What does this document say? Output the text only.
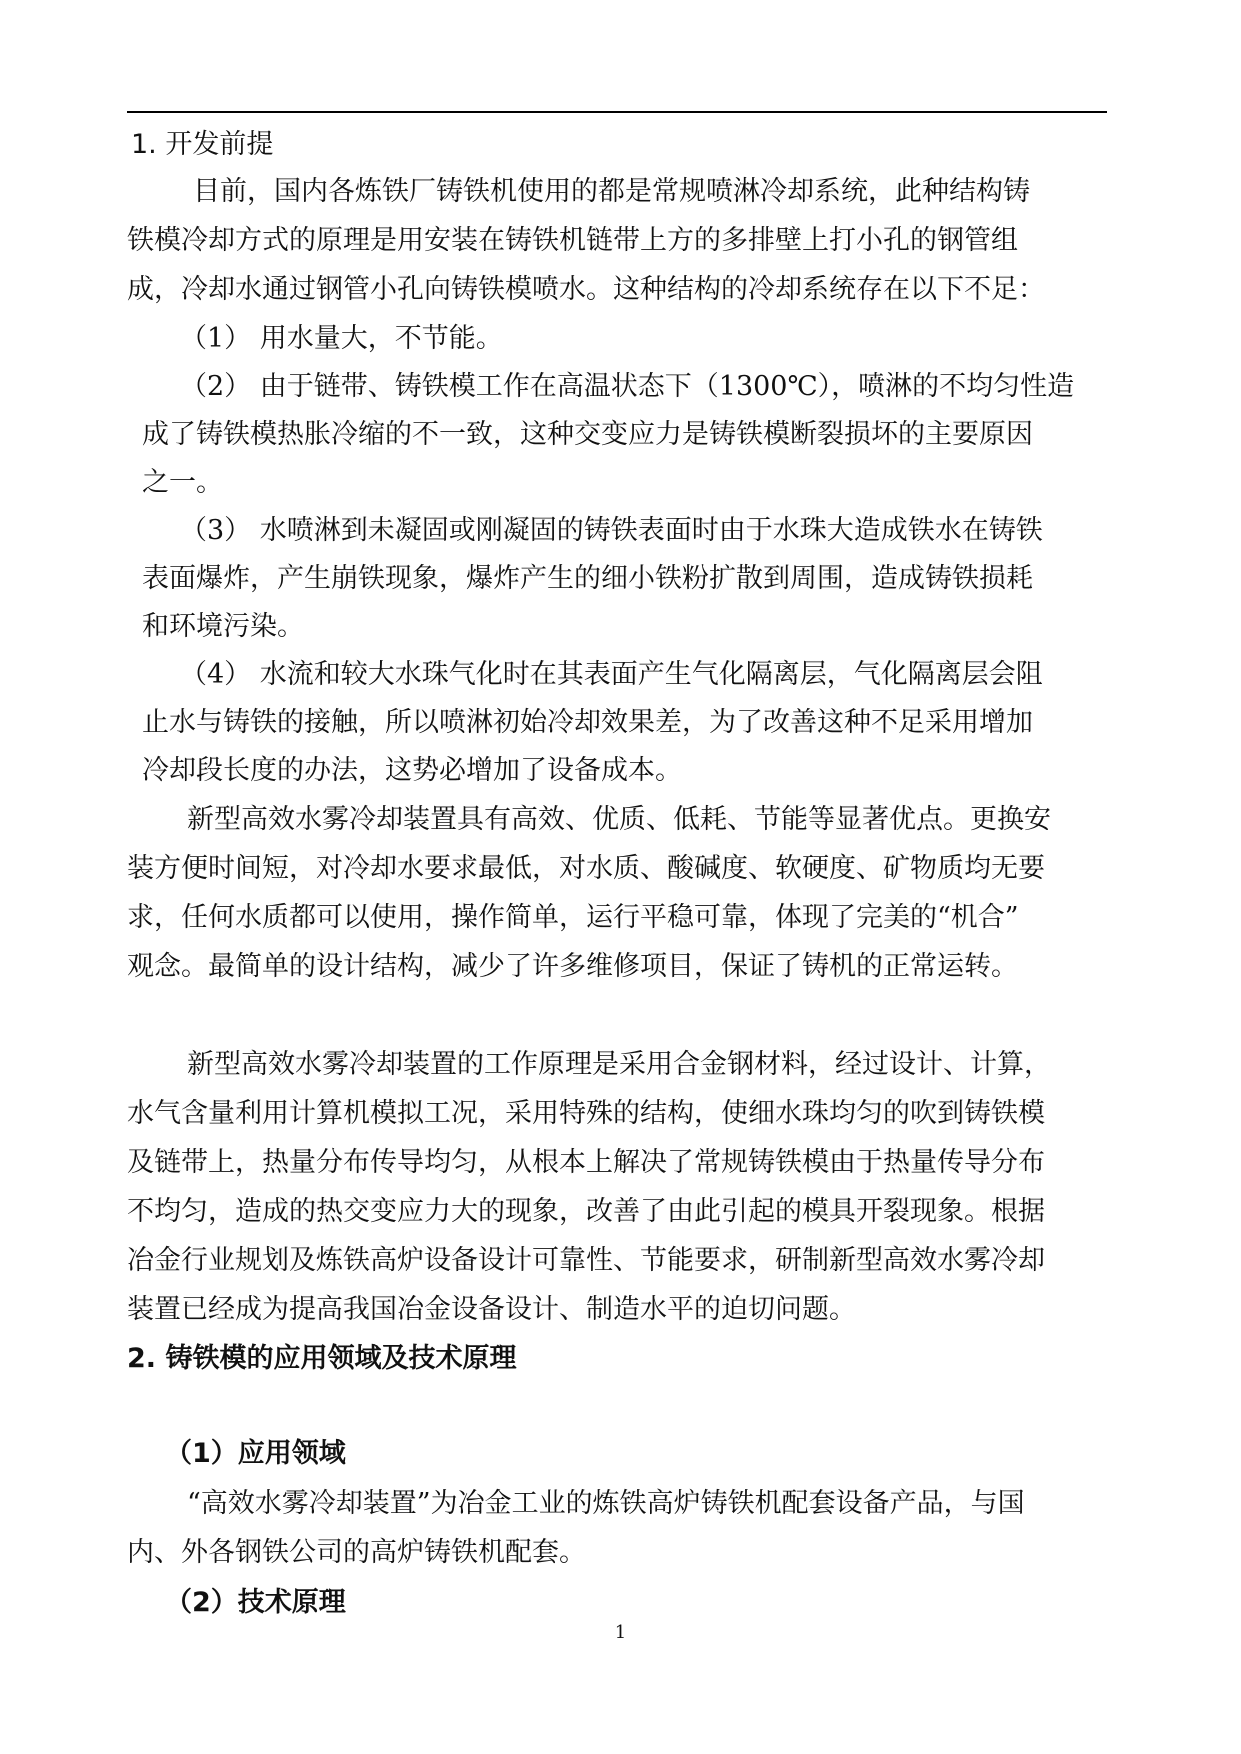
1. 开发前提
目前，国内各炼铁厂铸铁机使用的都是常规喷淋冷却系统，此种结构铸
铁模冷却方式的原理是用安装在铸铁机链带上方的多排壁上打小孔的钢管组
成，冷却水通过钢管小孔向铸铁模喷水。这种结构的冷却系统存在以下不足：
（1） 用水量大，不节能。
（2） 由于链带、铸铁模工作在高温状态下（1300℃），喷淋的不均匀性造
成了铸铁模热胀冷缩的不一致，这种交变应力是铸铁模断裂损坏的主要原因
之一。
（3） 水喷淋到未凝固或刚凝固的铸铁表面时由于水珠大造成铁水在铸铁
表面爆炸，产生崩铁现象，爆炸产生的细小铁粉扩散到周围，造成铸铁损耗
和环境污染。
（4） 水流和较大水珠气化时在其表面产生气化隔离层，气化隔离层会阻
止水与铸铁的接触，所以喷淋初始冷却效果差，为了改善这种不足采用增加
冷却段长度的办法，这势必增加了设备成本。
新型高效水雾冷却装置具有高效、优质、低耗、节能等显著优点。更换安
装方便时间短，对冷却水要求最低，对水质、酸碱度、软硬度、矿物质均无要
求，任何水质都可以使用，操作简单，运行平稳可靠，体现了完美的“机合”
观念。最简单的设计结构，减少了许多维修项目，保证了铸机的正常运转。
新型高效水雾冷却装置的工作原理是采用合金钢材料，经过设计、计算，
水气含量利用计算机模拟工况，采用特殊的结构，使细水珠均匀的吹到铸铁模
及链带上，热量分布传导均匀，从根本上解决了常规铸铁模由于热量传导分布
不均匀，造成的热交变应力大的现象，改善了由此引起的模具开裂现象。根据
冶金行业规划及炼铁高炉设备设计可靠性、节能要求，研制新型高效水雾冷却
装置已经成为提高我国冶金设备设计、制造水平的迫切问题。
2. 铸铁模的应用领域及技术原理
（1）应用领域
“高效水雾冷却装置”为冶金工业的炼铁高炉铸铁机配套设备产品，与国
内、外各钢铁公司的高炉铸铁机配套。
（2）技术原理
1
